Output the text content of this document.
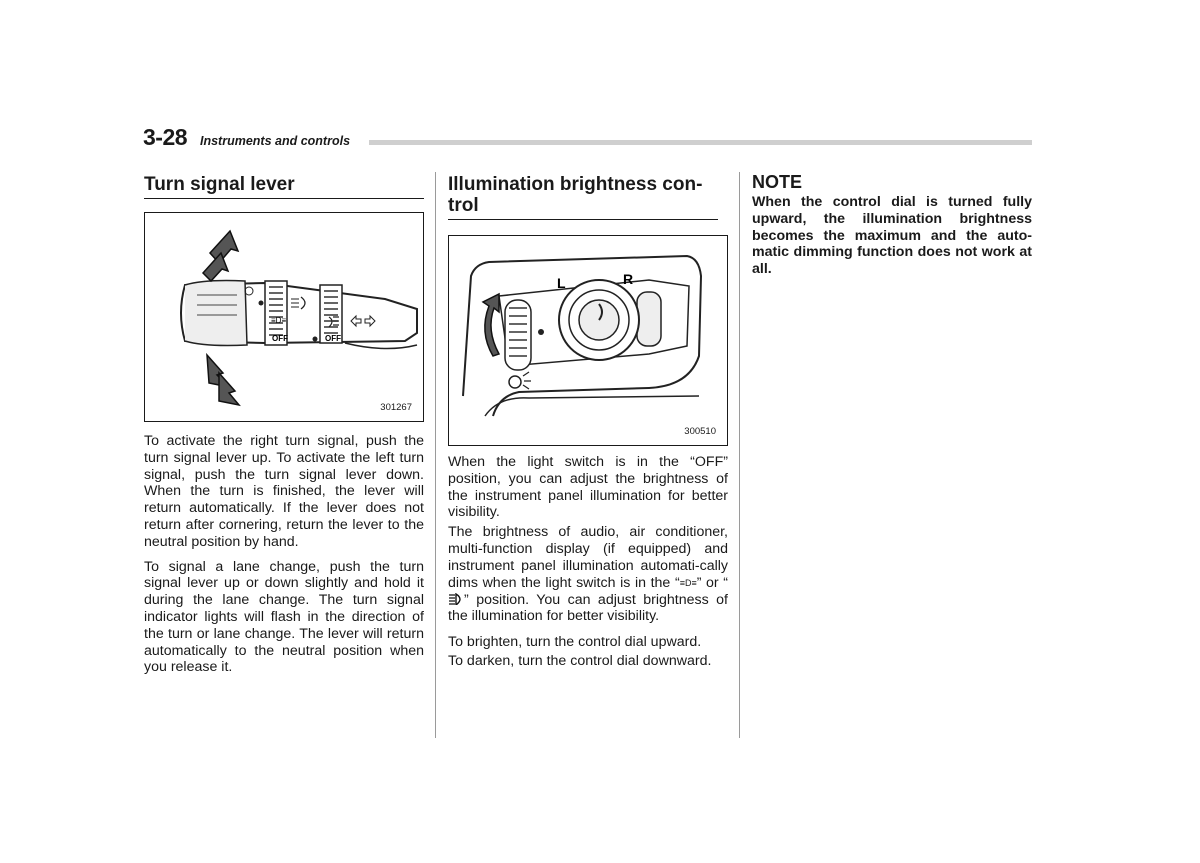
3-28 Instruments and controls
Turn signal lever
≡D≡
OFF	OFF
301267

To activate the right turn signal, push the turn signal lever up. To activate the left turn signal, push the turn signal lever down. When the turn is finished, the lever will return automatically. If the lever does not return after cornering, return the lever to the neutral position by hand.

To signal a lane change, push the turn signal lever up or down slightly and hold it during the lane change. The turn signal indicator lights will flash in the direction of the turn or lane change. The lever will return automatically to the neutral position when you release it.

Illumination brightness con-trol
L	R
300510

When the light switch is in the “OFF” position, you can adjust the brightness of the instrument panel illumination for better visibility.

The brightness of audio, air conditioner, multi-function display (if equipped) and instrument panel illumination automati-cally dims when the light switch is in the “≡D≡” or “” position. You can adjust brightness of the illumination for better visibility.

To brighten, turn the control dial upward.

To darken, turn the control dial downward.

NOTE

When the control dial is turned fully upward, the illumination brightness becomes the maximum and the auto-matic dimming function does not work at all.
